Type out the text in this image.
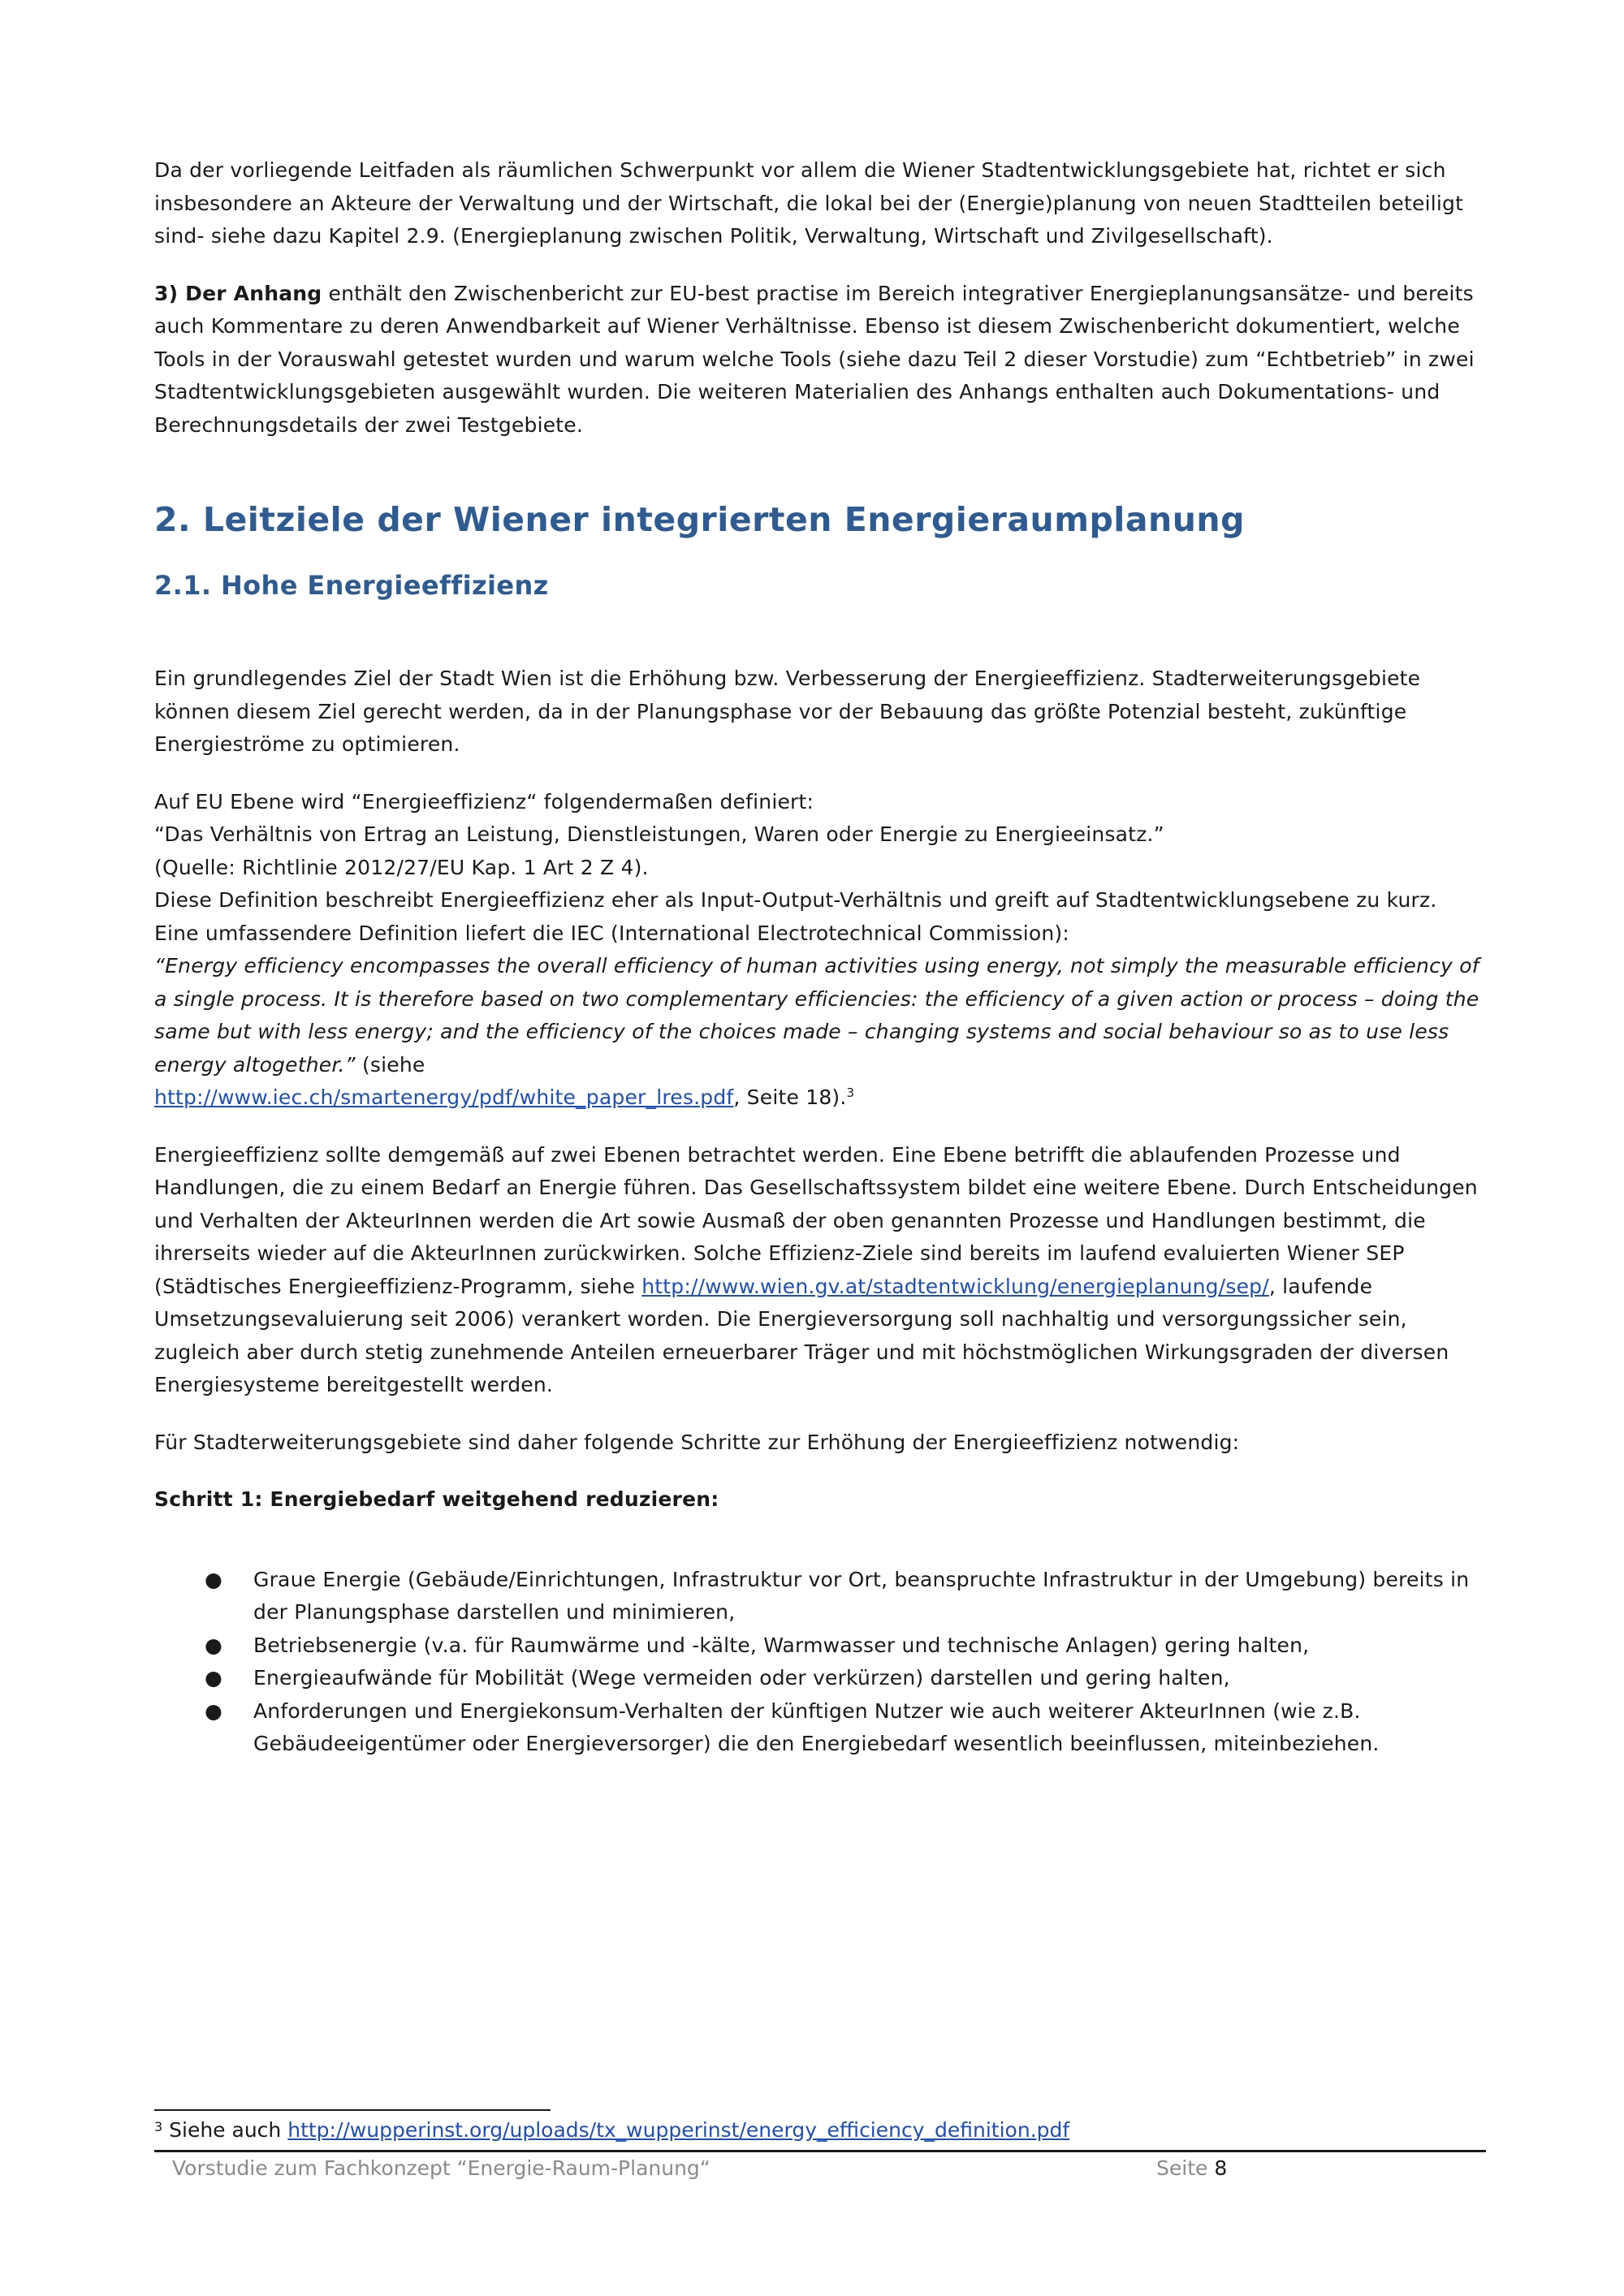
Da der vorliegende Leitfaden als räumlichen Schwerpunkt vor allem die Wiener Stadtentwicklungsgebiete hat, richtet er sich insbesondere an Akteure der Verwaltung und der Wirtschaft, die lokal bei der (Energie)planung von neuen Stadtteilen beteiligt sind- siehe dazu Kapitel 2.9. (Energieplanung zwischen Politik, Verwaltung, Wirtschaft und Zivilgesellschaft).

3) Der Anhang enthält den Zwischenbericht zur EU-best practise im Bereich integrativer Energieplanungsansätze- und bereits auch Kommentare zu deren Anwendbarkeit auf Wiener Verhältnisse. Ebenso ist diesem Zwischenbericht dokumentiert, welche Tools in der Vorauswahl getestet wurden und warum welche Tools (siehe dazu Teil 2 dieser Vorstudie) zum “Echtbetrieb” in zwei Stadtentwicklungsgebieten ausgewählt wurden. Die weiteren Materialien des Anhangs enthalten auch Dokumentations- und Berechnungsdetails der zwei Testgebiete.

2. Leitziele der Wiener integrierten Energieraumplanung
2.1. Hohe Energieeffizienz

Ein grundlegendes Ziel der Stadt Wien ist die Erhöhung bzw. Verbesserung der Energieeffizienz. Stadterweiterungsgebiete können diesem Ziel gerecht werden, da in der Planungsphase vor der Bebauung das größte Potenzial besteht, zukünftige Energieströme zu optimieren.

Auf EU Ebene wird “Energieeffizienz“ folgendermaßen definiert:

“Das Verhältnis von Ertrag an Leistung, Dienstleistungen, Waren oder Energie zu Energieeinsatz.”

(Quelle: Richtlinie 2012/27/EU Kap. 1 Art 2 Z 4).

Diese Definition beschreibt Energieeffizienz eher als Input-Output-Verhältnis und greift auf Stadtentwicklungsebene zu kurz. Eine umfassendere Definition liefert die IEC (International Electrotechnical Commission):

“Energy efficiency encompasses the overall efficiency of human activities using energy, not simply the measurable efficiency of a single process. It is therefore based on two complementary efficiencies: the efficiency of a given action or process – doing the same but with less energy; and the efficiency of the choices made – changing systems and social behaviour so as to use less energy altogether.” (siehe
http://www.iec.ch/smartenergy/pdf/white_paper_lres.pdf, Seite 18).$^3$

Energieeffizienz sollte demgemäß auf zwei Ebenen betrachtet werden. Eine Ebene betrifft die ablaufenden Prozesse und Handlungen, die zu einem Bedarf an Energie führen. Das Gesellschaftssystem bildet eine weitere Ebene. Durch Entscheidungen und Verhalten der AkteurInnen werden die Art sowie Ausmaß der oben genannten Prozesse und Handlungen bestimmt, die ihrerseits wieder auf die AkteurInnen zurückwirken. Solche Effizienz-Ziele sind bereits im laufend evaluierten Wiener SEP (Städtisches Energieeffizienz-Programm, siehe http://www.wien.gv.at/stadtentwicklung/energieplanung/sep/, laufende Umsetzungsevaluierung seit 2006) verankert worden. Die Energieversorgung soll nachhaltig und versorgungssicher sein, zugleich aber durch stetig zunehmende Anteilen erneuerbarer Träger und mit höchstmöglichen Wirkungsgraden der diversen Energiesysteme bereitgestellt werden.

Für Stadterweiterungsgebiete sind daher folgende Schritte zur Erhöhung der Energieeffizienz notwendig:

Schritt 1: Energiebedarf weitgehend reduzieren:

● Graue Energie (Gebäude/Einrichtungen, Infrastruktur vor Ort, beanspruchte Infrastruktur in der Umgebung) bereits in der Planungsphase darstellen und minimieren,
● Betriebsenergie (v.a. für Raumwärme und -kälte, Warmwasser und technische Anlagen) gering halten,
● Energieaufwände für Mobilität (Wege vermeiden oder verkürzen) darstellen und gering halten,
● Anforderungen und Energiekonsum-Verhalten der künftigen Nutzer wie auch weiterer AkteurInnen (wie z.B. Gebäudeeigentümer oder Energieversorger) die den Energiebedarf wesentlich beeinflussen, miteinbeziehen.
$^3$ Siehe auch http://wupperinst.org/uploads/tx_wupperinst/energy_efficiency_definition.pdf
Vorstudie zum Fachkonzept “Energie-Raum-Planung“	Seite 8
